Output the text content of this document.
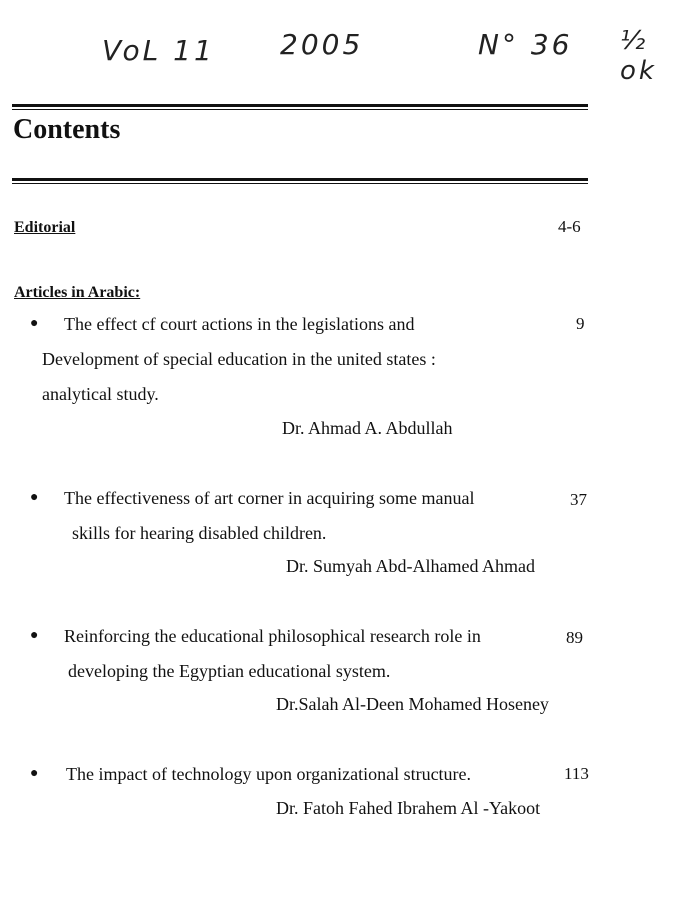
VoL 11 2005	N° 36 ½ ok
Contents
Editorial	4-6
Articles in Arabic:
● The effect cf court actions in the legislations and	9
Development of special education in the united states :
analytical study.
Dr. Ahmad A. Abdullah
● The effectiveness of art corner in acquiring some manual	37
skills for hearing disabled children.
Dr. Sumyah Abd-Alhamed Ahmad
● Reinforcing the educational philosophical research role in	89
developing the Egyptian educational system.
Dr.Salah Al-Deen Mohamed Hoseney
● The impact of technology upon organizational structure.	113
Dr. Fatoh Fahed Ibrahem Al -Yakoot
